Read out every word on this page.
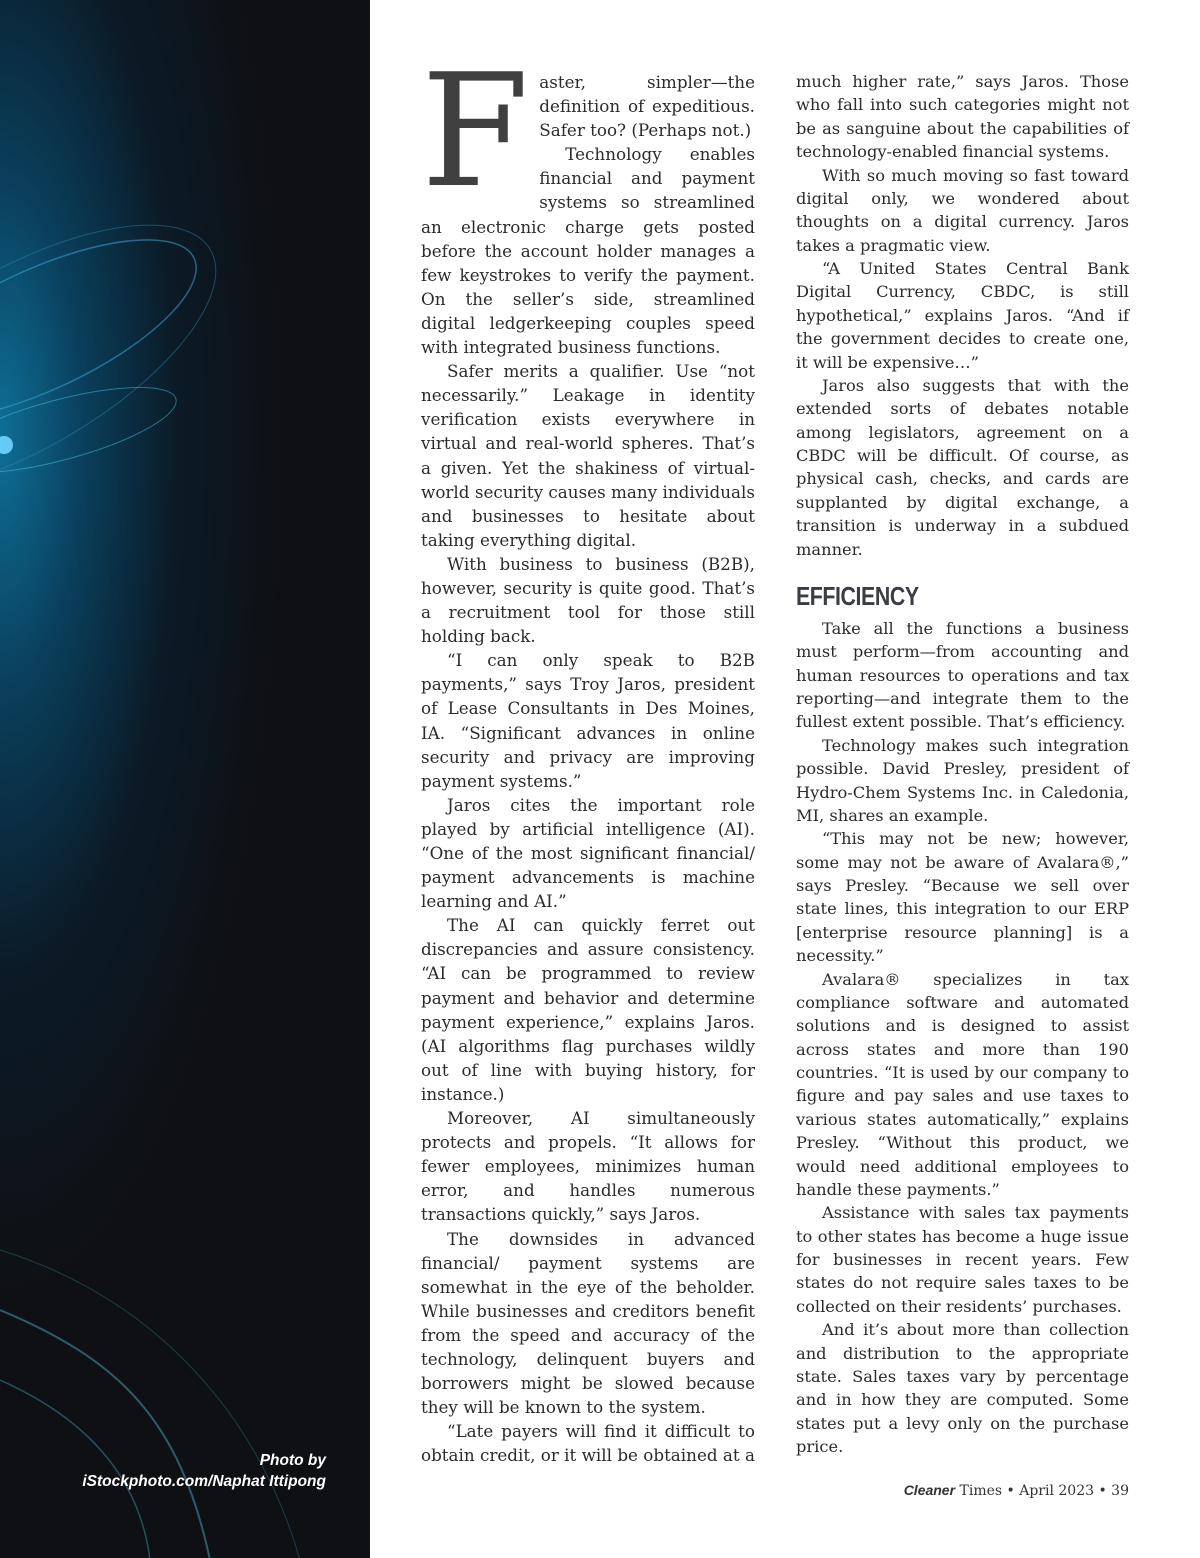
Photo by
iStockphoto.com/Naphat Ittipong
F aster, simpler—the definition of expeditious. Safer too? (Perhaps not.)

Technology enables financial and payment systems so streamlined an electronic charge gets posted before the account holder manages a few keystrokes to verify the payment. On the seller’s side, streamlined digital ledgerkeeping couples speed with integrated business functions.

Safer merits a qualifier. Use “not necessarily.” Leakage in identity verification exists everywhere in virtual and real-world spheres. That’s a given. Yet the shakiness of virtual-world security causes many individuals and businesses to hesitate about taking everything digital.

With business to business (B2B), however, security is quite good. That’s a recruitment tool for those still holding back.

“I can only speak to B2B payments,” says Troy Jaros, president of Lease Consultants in Des Moines, IA. “Significant advances in online security and privacy are improving payment systems.”

Jaros cites the important role played by artificial intelligence (AI). “One of the most significant financial/ payment advancements is machine learning and AI.”

The AI can quickly ferret out discrepancies and assure consistency. “AI can be programmed to review payment and behavior and determine payment experience,” explains Jaros. (AI algorithms flag purchases wildly out of line with buying history, for instance.)

Moreover, AI simultaneously protects and propels. “It allows for fewer employees, minimizes human error, and handles numerous transactions quickly,” says Jaros.

The downsides in advanced financial/ payment systems are somewhat in the eye of the beholder. While businesses and creditors benefit from the speed and accuracy of the technology, delinquent buyers and borrowers might be slowed because they will be known to the system.

“Late payers will find it difficult to obtain credit, or it will be obtained at a

much higher rate,” says Jaros. Those who fall into such categories might not be as sanguine about the capabilities of technology-enabled financial systems.

With so much moving so fast toward digital only, we wondered about thoughts on a digital currency. Jaros takes a pragmatic view.

“A United States Central Bank Digital Currency, CBDC, is still hypothetical,” explains Jaros. “And if the government decides to create one, it will be expensive…”

Jaros also suggests that with the extended sorts of debates notable among legislators, agreement on a CBDC will be difficult. Of course, as physical cash, checks, and cards are supplanted by digital exchange, a transition is underway in a subdued manner.

EFFICIENCY

Take all the functions a business must perform—from accounting and human resources to operations and tax reporting—and integrate them to the fullest extent possible. That’s efficiency.

Technology makes such integration possible. David Presley, president of Hydro-Chem Systems Inc. in Caledonia, MI, shares an example.

“This may not be new; however, some may not be aware of Avalara®,” says Presley. “Because we sell over state lines, this integration to our ERP [enterprise resource planning] is a necessity.”

Avalara® specializes in tax compliance software and automated solutions and is designed to assist across states and more than 190 countries. “It is used by our company to figure and pay sales and use taxes to various states automatically,” explains Presley. “Without this product, we would need additional employees to handle these payments.”

Assistance with sales tax payments to other states has become a huge issue for businesses in recent years. Few states do not require sales taxes to be collected on their residents’ purchases.

And it’s about more than collection and distribution to the appropriate state. Sales taxes vary by percentage and in how they are computed. Some states put a levy only on the purchase price.

Cleaner Times • April 2023 • 39
